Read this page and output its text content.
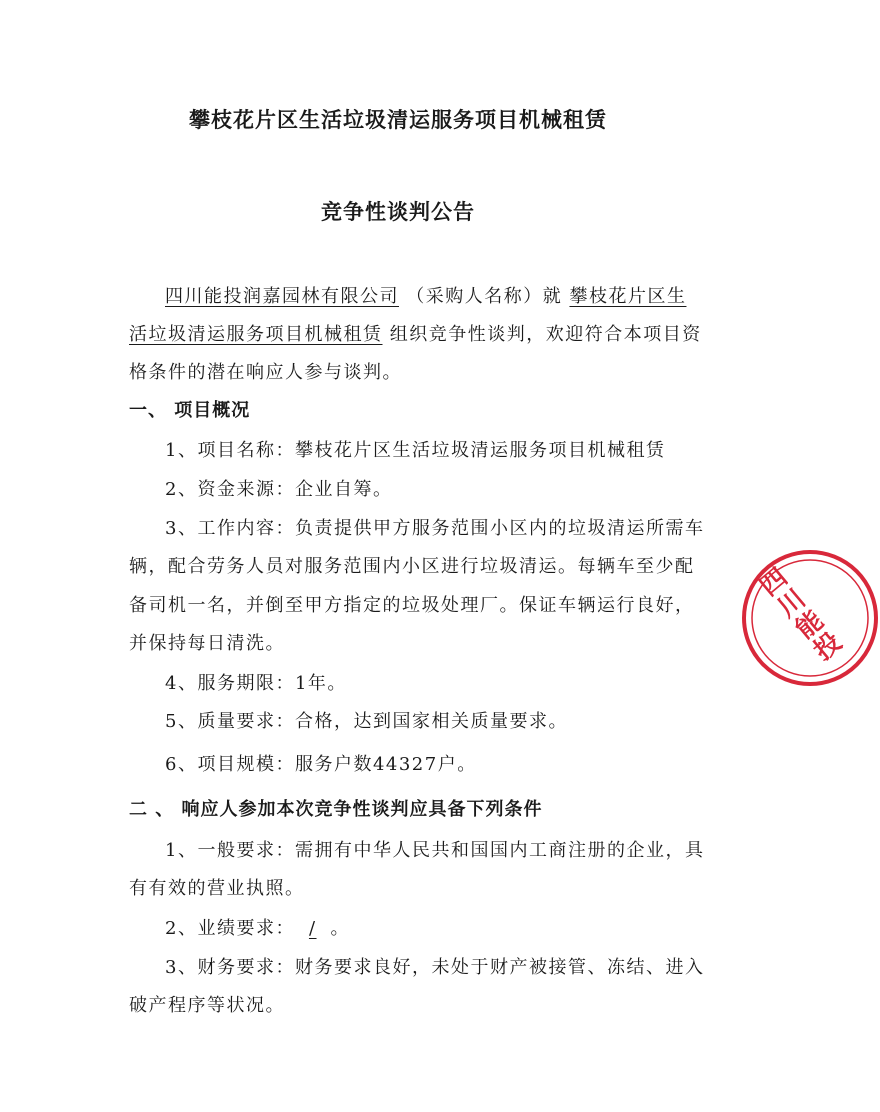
攀枝花片区生活垃圾清运服务项目机械租赁
竞争性谈判公告
四川能投润嘉园林有限公司 （采购人名称）就 攀枝花片区生
活垃圾清运服务项目机械租赁 组织竞争性谈判，欢迎符合本项目资
格条件的潜在响应人参与谈判。
一、 项目概况
1、项目名称：攀枝花片区生活垃圾清运服务项目机械租赁
2、资金来源：企业自筹。
3、工作内容：负责提供甲方服务范围小区内的垃圾清运所需车
辆，配合劳务人员对服务范围内小区进行垃圾清运。每辆车至少配
备司机一名，并倒至甲方指定的垃圾处理厂。保证车辆运行良好，
并保持每日清洗。
4、服务期限：1年。
5、质量要求：合格，达到国家相关质量要求。
6、项目规模：服务户数44327户。
二 、 响应人参加本次竞争性谈判应具备下列条件
1、一般要求：需拥有中华人民共和国国内工商注册的企业，具
有有效的营业执照。
2、业绩要求： / 。
3、财务要求：财务要求良好，未处于财产被接管、冻结、进入
破产程序等状况。
四川能投
